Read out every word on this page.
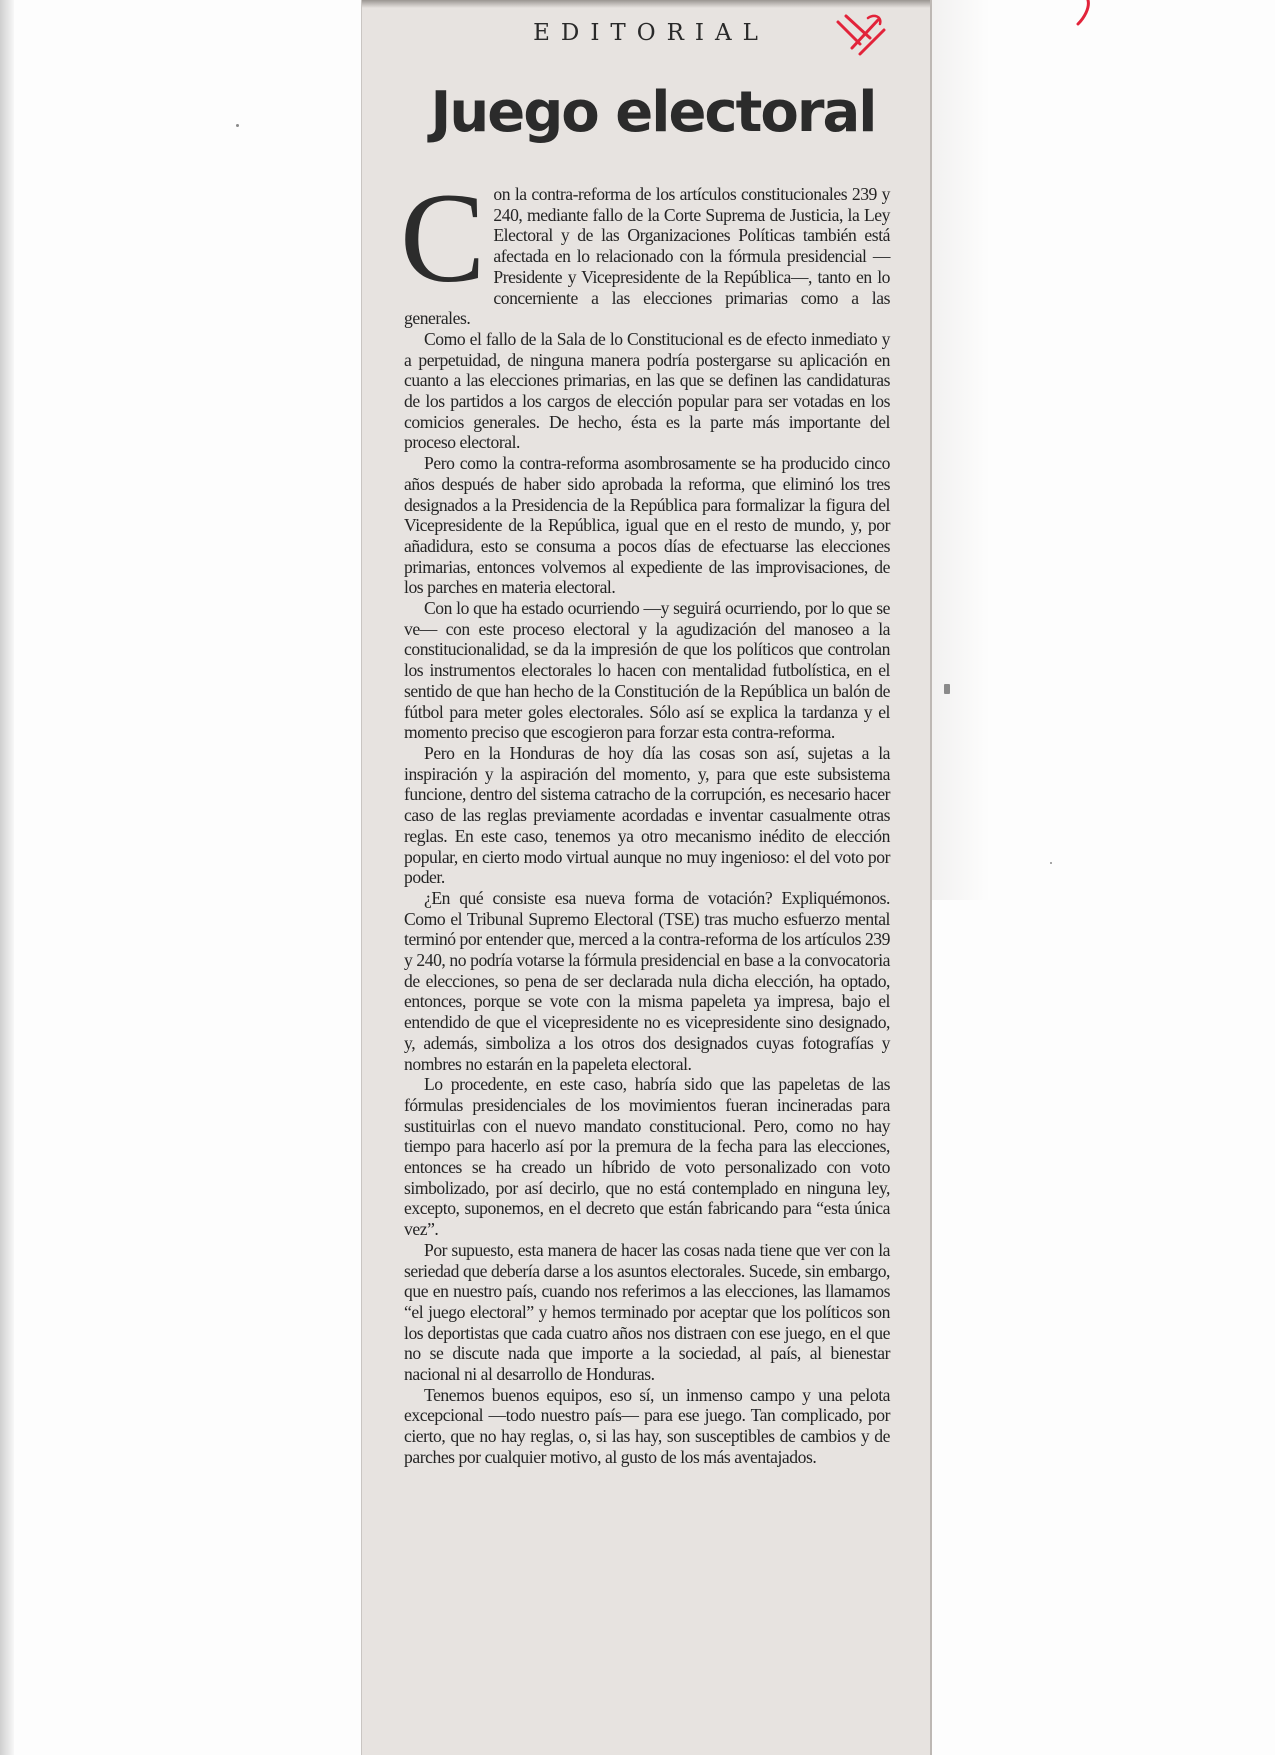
EDITORIAL
Juego electoral

Con la contra-reforma de los artículos constitucionales 239 y 240, mediante fallo de la Corte Suprema de Justicia, la Ley Electoral y de las Organizaciones Políticas también está afectada en lo relacionado con la fórmula presidencial —Presidente y Vicepresidente de la República—, tanto en lo concerniente a las elecciones primarias como a las generales.

Como el fallo de la Sala de lo Constitucional es de efecto inmediato y a perpetuidad, de ninguna manera podría postergarse su aplicación en cuanto a las elecciones primarias, en las que se definen las candidaturas de los partidos a los cargos de elección popular para ser votadas en los comicios generales. De hecho, ésta es la parte más importante del proceso electoral.

Pero como la contra-reforma asombrosamente se ha producido cinco años después de haber sido aprobada la reforma, que eliminó los tres designados a la Presidencia de la República para formalizar la figura del Vicepresidente de la República, igual que en el resto de mundo, y, por añadidura, esto se consuma a pocos días de efectuarse las elecciones primarias, entonces volvemos al expediente de las improvisaciones, de los parches en materia electoral.

Con lo que ha estado ocurriendo —y seguirá ocurriendo, por lo que se ve— con este proceso electoral y la agudización del manoseo a la constitucionalidad, se da la impresión de que los políticos que controlan los instrumentos electorales lo hacen con mentalidad futbolística, en el sentido de que han hecho de la Constitución de la República un balón de fútbol para meter goles electorales. Sólo así se explica la tardanza y el momento preciso que escogieron para forzar esta contra-reforma.

Pero en la Honduras de hoy día las cosas son así, sujetas a la inspiración y la aspiración del momento, y, para que este subsistema funcione, dentro del sistema catracho de la corrupción, es necesario hacer caso de las reglas previamente acordadas e inventar casualmente otras reglas. En este caso, tenemos ya otro mecanismo inédito de elección popular, en cierto modo virtual aunque no muy ingenioso: el del voto por poder.

¿En qué consiste esa nueva forma de votación? Expliquémonos. Como el Tribunal Supremo Electoral (TSE) tras mucho esfuerzo mental terminó por entender que, merced a la contra-reforma de los artículos 239 y 240, no podría votarse la fórmula presidencial en base a la convocatoria de elecciones, so pena de ser declarada nula dicha elección, ha optado, entonces, porque se vote con la misma papeleta ya impresa, bajo el entendido de que el vicepresidente no es vicepresidente sino designado, y, además, simboliza a los otros dos designados cuyas fotografías y nombres no estarán en la papeleta electoral.

Lo procedente, en este caso, habría sido que las papeletas de las fórmulas presidenciales de los movimientos fueran incineradas para sustituirlas con el nuevo mandato constitucional. Pero, como no hay tiempo para hacerlo así por la premura de la fecha para las elecciones, entonces se ha creado un híbrido de voto personalizado con voto simbolizado, por así decirlo, que no está contemplado en ninguna ley, excepto, suponemos, en el decreto que están fabricando para “esta única vez”.

Por supuesto, esta manera de hacer las cosas nada tiene que ver con la seriedad que debería darse a los asuntos electorales. Sucede, sin embargo, que en nuestro país, cuando nos referimos a las elecciones, las llamamos “el juego electoral” y hemos terminado por aceptar que los políticos son los deportistas que cada cuatro años nos distraen con ese juego, en el que no se discute nada que importe a la sociedad, al país, al bienestar nacional ni al desarrollo de Honduras.

Tenemos buenos equipos, eso sí, un inmenso campo y una pelota excepcional —todo nuestro país— para ese juego. Tan complicado, por cierto, que no hay reglas, o, si las hay, son susceptibles de cambios y de parches por cualquier motivo, al gusto de los más aventajados.
